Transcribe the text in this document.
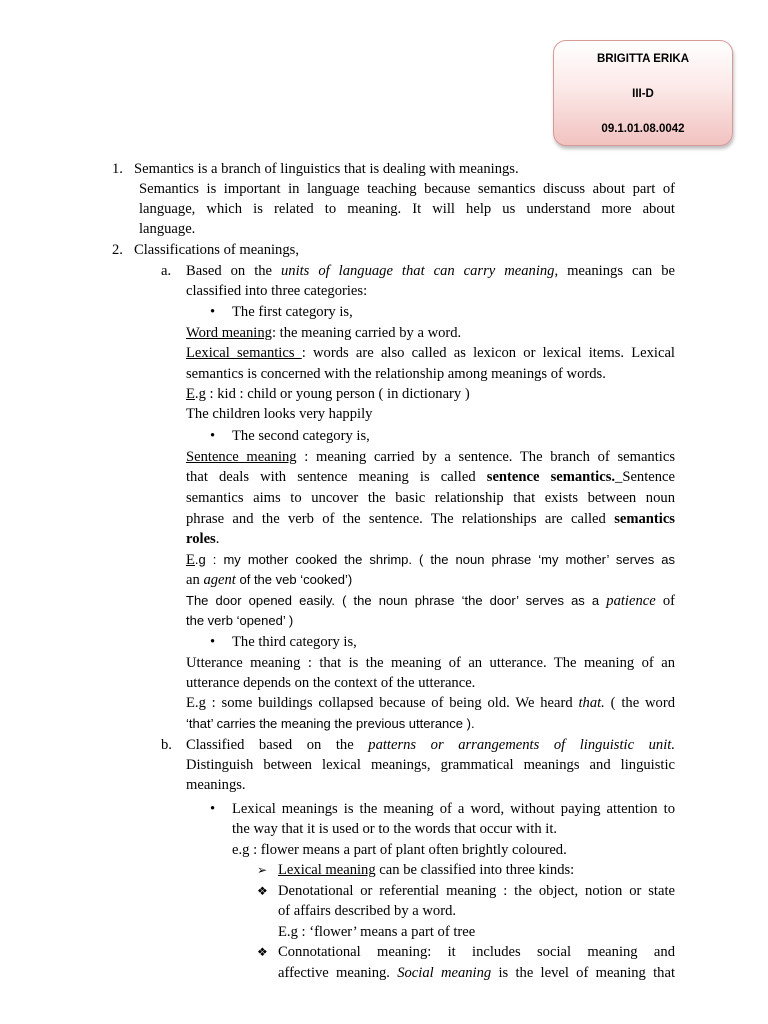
BRIGITTA ERIKA
III-D
09.1.01.08.0042
1. Semantics is a branch of linguistics that is dealing with meanings.
Semantics is important in language teaching because semantics discuss about part of
language, which is related to meaning. It will help us understand more about
language.
2. Classifications of meanings,
a. Based on the units of language that can carry meaning, meanings can be
classified into three categories:
• The first category is,
Word meaning: the meaning carried by a word.
Lexical semantics : words are also called as lexicon or lexical items. Lexical
semantics is concerned with the relationship among meanings of words.
E.g : kid : child or young person ( in dictionary )
The children looks very happily
• The second category is,
Sentence meaning : meaning carried by a sentence. The branch of semantics
that deals with sentence meaning is called sentence semantics._Sentence
semantics aims to uncover the basic relationship that exists between noun
phrase and the verb of the sentence. The relationships are called semantics
roles.
E.g : my mother cooked the shrimp. ( the noun phrase ‘my mother’ serves as
an agent of the veb ‘cooked’)
The door opened easily. ( the noun phrase ‘the door’ serves as a patience of
the verb ‘opened’ )
• The third category is,
Utterance meaning : that is the meaning of an utterance. The meaning of an
utterance depends on the context of the utterance.
E.g : some buildings collapsed because of being old. We heard that. ( the word
‘that’ carries the meaning the previous utterance ).
b. Classified based on the patterns or arrangements of linguistic unit.
Distinguish between lexical meanings, grammatical meanings and linguistic
meanings.
• Lexical meanings is the meaning of a word, without paying attention to
the way that it is used or to the words that occur with it.
e.g : flower means a part of plant often brightly coloured.
➢ Lexical meaning can be classified into three kinds:
❖ Denotational or referential meaning : the object, notion or state
of affairs described by a word.
E.g : ‘flower’ means a part of tree
❖ Connotational meaning: it includes social meaning and
affective meaning. Social meaning is the level of meaning that
